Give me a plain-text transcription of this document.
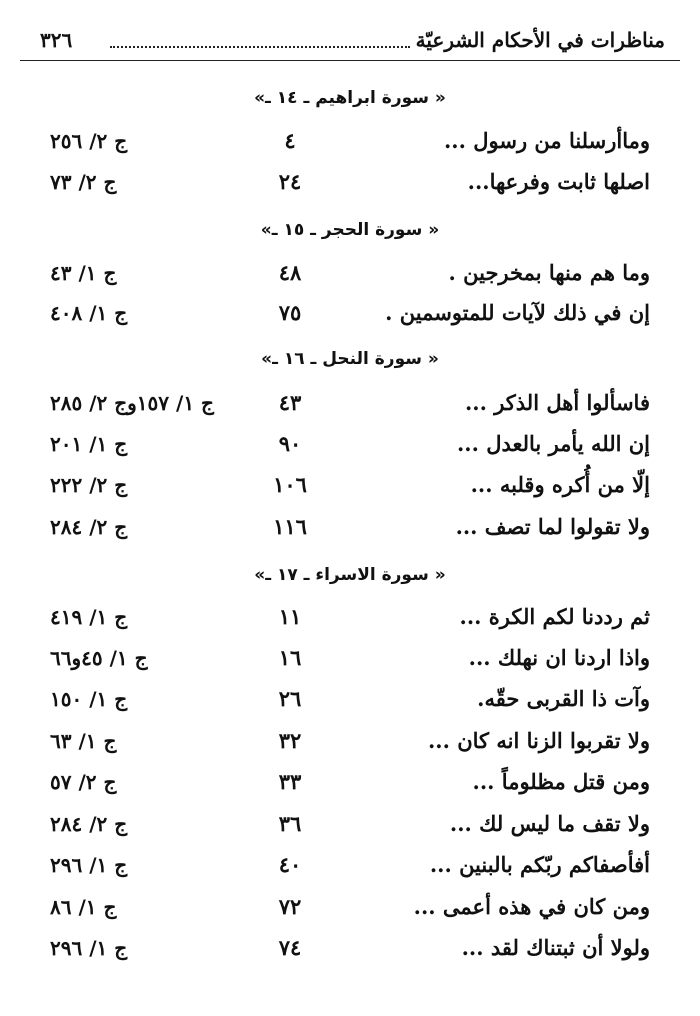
مناظرات في الأحكام الشرعيّة
٣٢٦
« سورة ابراهيم ـ ١٤ ـ»
وماأرسلنا من رسول ...
٤
ج ٢/ ٢٥٦
اصلها ثابت وفرعها...
٢٤
ج ٢/ ٧٣
« سورة الحجر ـ ١٥ ـ»
وما هم منها بمخرجين .
٤٨
ج ١/ ٤٣
إن في ذلك لآيات للمتوسمين .
٧٥
ج ١/ ٤٠٨
« سورة النحل ـ ١٦ ـ»
فاسألوا أهل الذكر ...
٤٣
ج ١/ ١٥٧وج ٢/ ٢٨٥
إن الله يأمر بالعدل ...
٩٠
ج ١/ ٢٠١
إلّا من أُكره وقلبه ...
١٠٦
ج ٢/ ٢٢٢
ولا تقولوا لما تصف ...
١١٦
ج ٢/ ٢٨٤
« سورة الاسراء ـ ١٧ ـ»
ثم رددنا لكم الكرة ...
١١
ج ١/ ٤١٩
واذا اردنا ان نهلك ...
١٦
ج ١/ ٤٥و٦٦
وآت ذا القربى حقّه.
٢٦
ج ١/ ١٥٠
ولا تقربوا الزنا انه كان ...
٣٢
ج ١/ ٦٣
ومن قتل مظلوماً ...
٣٣
ج ٢/ ٥٧
ولا تقف ما ليس لك ...
٣٦
ج ٢/ ٢٨٤
أفأصفاكم ربّكم بالبنين ...
٤٠
ج ١/ ٢٩٦
ومن كان في هذه أعمى ...
٧٢
ج ١/ ٨٦
ولولا أن ثبتناك لقد ...
٧٤
ج ١/ ٢٩٦
